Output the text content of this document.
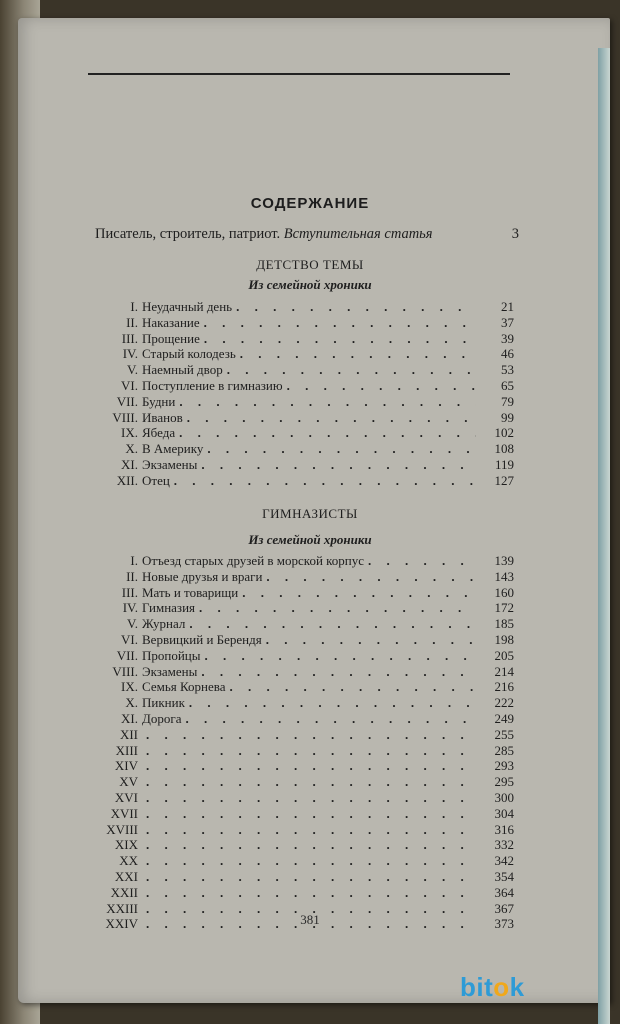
СОДЕРЖАНИЕ
Писатель, строитель, патриот. Вступительная статья	3
ДЕТСТВО ТЕМЫ
Из семейной хроники
I. Неудачный день . . .	21
II. Наказание . . .	37
III. Прощение . . .	39
IV. Старый колодезь . . .	46
V. Наемный двор . . .	53
VI. Поступление в гимназию . . .	65
VII. Будни . . .	79
VIII. Иванов . . .	99
IX. Ябеда . . .	102
X. В Америку . . .	108
XI. Экзамены . . .	119
XII. Отец . . .	127
ГИМНАЗИСТЫ
Из семейной хроники
I. Отъезд старых друзей в морской корпус . . .	139
II. Новые друзья и враги . . .	143
III. Мать и товарищи . . .	160
IV. Гимназия . . .	172
V. Журнал . . .	185
VI. Вервицкий и Берендя . . .	198
VII. Пропойцы . . .	205
VIII. Экзамены . . .	214
IX. Семья Корнева . . .	216
X. Пикник . . .	222
XI. Дорога . . .	249
XII . . .	255
XIII . . .	285
XIV . . .	293
XV . . .	295
XVI . . .	300
XVII . . .	304
XVIII . . .	316
XIX . . .	332
XX . . .	342
XXI . . .	354
XXII . . .	364
XXIII . . .	367
XXIV . . .	373
381
bitok
